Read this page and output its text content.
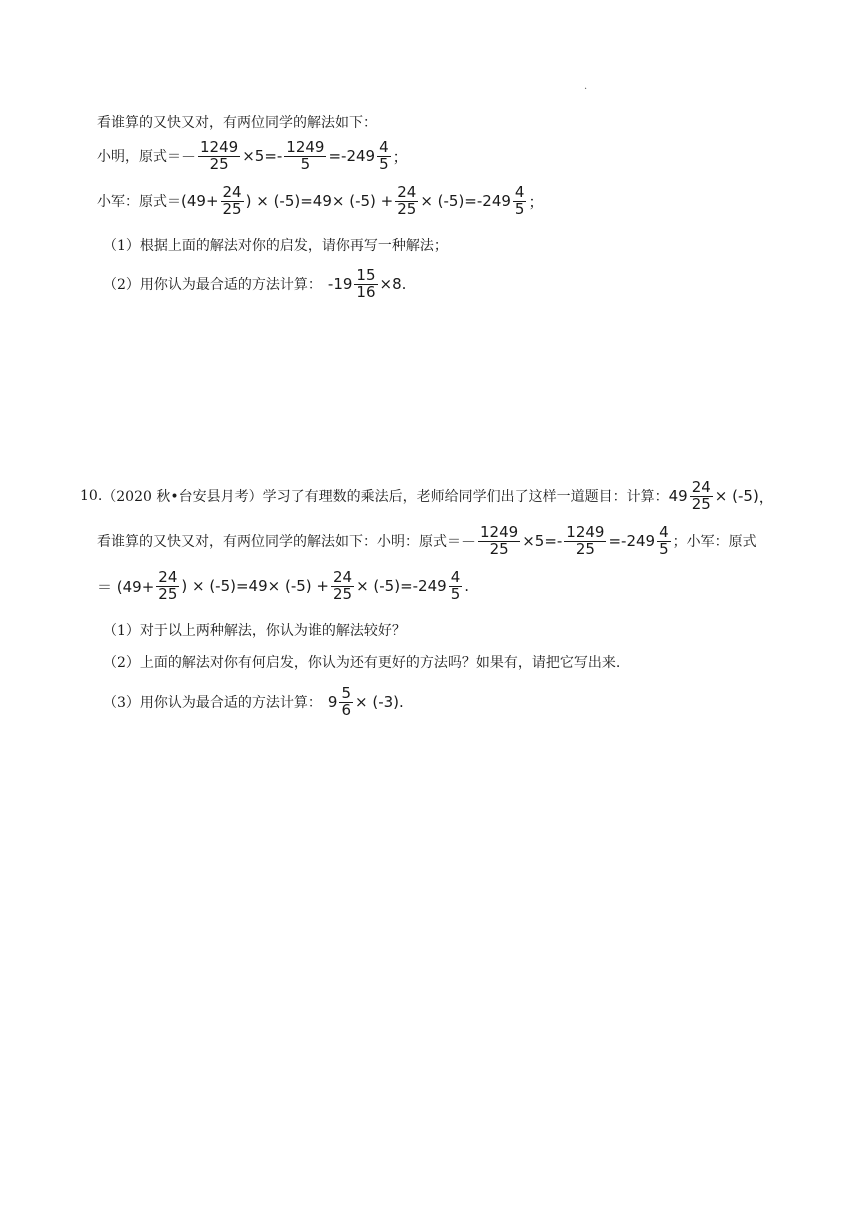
·
看谁算的又快又对，有两位同学的解法如下：
小明，原式＝ － $\frac{1249}{25} \times 5=- \frac{1249}{5} =-249 \frac{4}{5}$ ；
小军：原式＝ ($49+ \frac{24}{25}$ ) × $(-5)=49\times (-5) + \frac{24}{25} \times (-5)=-249 \frac{4}{5}$ ；
（1）根据上面的解法对你的启发，请你再写一种解法；
（2）用你认为最合适的方法计算： $-19 \frac{15}{16} \times 8$ .
10. （2020 秋•台安县月考） 学习了有理数的乘法后，老师给同学们出了这样一道题目：计算： $49 \frac{24}{25} \times (-5)$ ，
看谁算的又快又对，有两位同学的解法如下：小明：原式＝ － $\frac{1249}{25} \times 5=- \frac{1249}{25} =-249 \frac{4}{5}$ ；小军：原式
＝ ($49+ \frac{24}{25}$ ) × $(-5)=49\times (-5) + \frac{24}{25} \times (-5)=-249 \frac{4}{5}$ .
（1）对于以上两种解法，你认为谁的解法较好？
（2）上面的解法对你有何启发，你认为还有更好的方法吗？如果有，请把它写出来.
（3）用你认为最合适的方法计算： $9 \frac{5}{6} \times (-3)$ .
